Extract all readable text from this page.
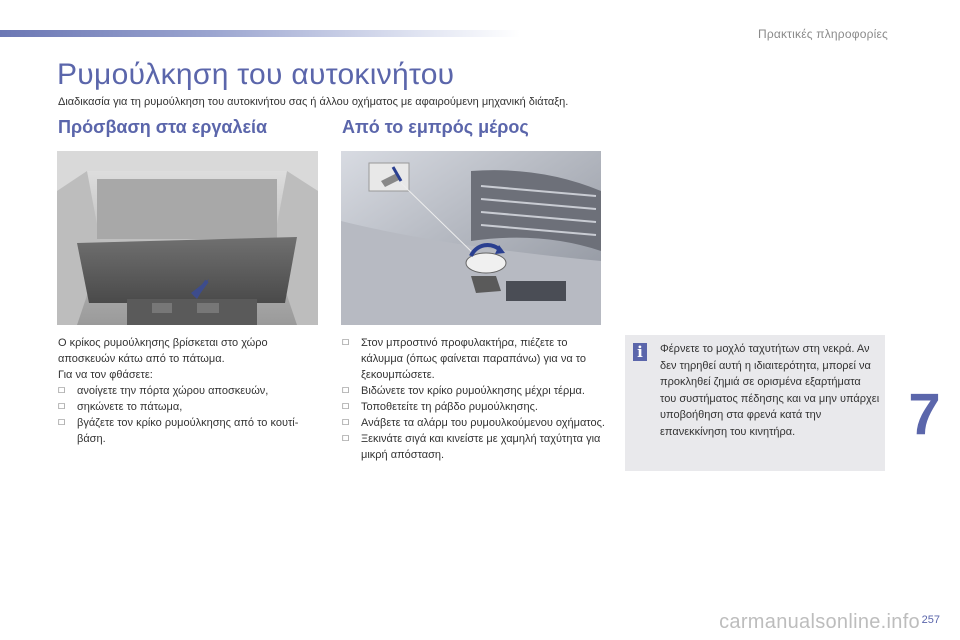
Πρακτικές πληροφορίες
Ρυμούλκηση του αυτοκινήτου
Διαδικασία για τη ρυμούλκηση του αυτοκινήτου σας ή άλλου οχήματος με αφαιρούμενη μηχανική διάταξη.
Πρόσβαση στα εργαλεία	Από το εμπρός μέρος

Ο κρίκος ρυμούλκησης βρίσκεται στο χώρο αποσκευών κάτω από το πάτωμα.

Για να τον φθάσετε:

☐ ανοίγετε την πόρτα χώρου αποσκευών,
☐ σηκώνετε το πάτωμα,
☐ βγάζετε τον κρίκο ρυμούλκησης από το κουτί-βάση.
☐ Στον μπροστινό προφυλακτήρα, πιέζετε το κάλυμμα (όπως φαίνεται παραπάνω) για να το ξεκουμπώσετε.
☐ Βιδώνετε τον κρίκο ρυμούλκησης μέχρι τέρμα.
☐ Τοποθετείτε τη ράβδο ρυμούλκησης.
☐ Ανάβετε τα αλάρμ του ρυμουλκούμενου οχήματος.
☐ Ξεκινάτε σιγά και κινείστε με χαμηλή ταχύτητα για μικρή απόσταση.
i	Φέρνετε το μοχλό ταχυτήτων στη νεκρά. Αν δεν τηρηθεί αυτή η ιδιαιτερότητα, μπορεί να προκληθεί ζημιά σε ορισμένα εξαρτήματα του συστήματος πέδησης και να μην υπάρχει υποβοήθηση στα φρενά κατά την επανεκκίνηση του κινητήρα.	7
carmanualsonline.info 257
